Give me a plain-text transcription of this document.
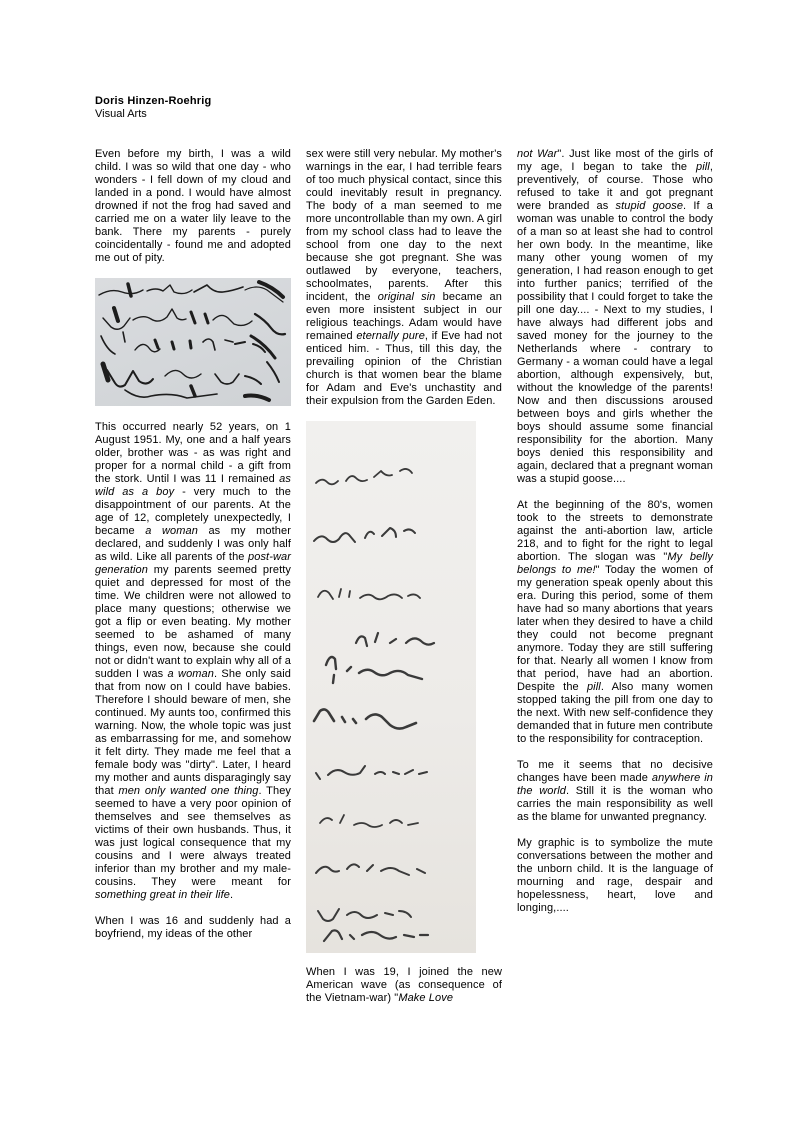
Doris Hinzen-Roehrig
Visual Arts

Even before my birth, I was a wild child. I was so wild that one day - who wonders - I fell down of my cloud and landed in a pond. I would have almost drowned if not the frog had saved and carried me on a water lily leave to the bank. There my parents - purely coincidentally - found me and adopted me out of pity.

This occurred nearly 52 years, on 1 August 1951. My, one and a half years older, brother was - as was right and proper for a normal child - a gift from the stork. Until I was 11 I remained as wild as a boy - very much to the disappointment of our parents. At the age of 12, completely unexpectedly, I became a woman as my mother declared, and suddenly I was only half as wild. Like all parents of the post-war generation my parents seemed pretty quiet and depressed for most of the time. We children were not allowed to place many questions; otherwise we got a flip or even beating. My mother seemed to be ashamed of many things, even now, because she could not or didn't want to explain why all of a sudden I was a woman. She only said that from now on I could have babies. Therefore I should beware of men, she continued. My aunts too, confirmed this warning. Now, the whole topic was just as embarrassing for me, and somehow it felt dirty. They made me feel that a female body was "dirty". Later, I heard my mother and aunts disparagingly say that men only wanted one thing. They seemed to have a very poor opinion of themselves and see themselves as victims of their own husbands. Thus, it was just logical consequence that my cousins and I were always treated inferior than my brother and my male-cousins. They were meant for something great in their life.

When I was 16 and suddenly had a boyfriend, my ideas of the other

sex were still very nebular. My mother's warnings in the ear, I had terrible fears of too much physical contact, since this could inevitably result in pregnancy. The body of a man seemed to me more uncontrollable than my own. A girl from my school class had to leave the school from one day to the next because she got pregnant. She was outlawed by everyone, teachers, schoolmates, parents. After this incident, the original sin became an even more insistent subject in our religious teachings. Adam would have remained eternally pure, if Eve had not enticed him. - Thus, till this day, the prevailing opinion of the Christian church is that women bear the blame for Adam and Eve's unchastity and their expulsion from the Garden Eden.

When I was 19, I joined the new American wave (as consequence of the Vietnam-war) "Make Love

not War". Just like most of the girls of my age, I began to take the pill, preventively, of course. Those who refused to take it and got pregnant were branded as stupid goose. If a woman was unable to control the body of a man so at least she had to control her own body. In the meantime, like many other young women of my generation, I had reason enough to get into further panics; terrified of the possibility that I could forget to take the pill one day.... - Next to my studies, I have always had different jobs and saved money for the journey to the Netherlands where - contrary to Germany - a woman could have a legal abortion, although expensively, but, without the knowledge of the parents! Now and then discussions aroused between boys and girls whether the boys should assume some financial responsibility for the abortion. Many boys denied this responsibility and again, declared that a pregnant woman was a stupid goose....

At the beginning of the 80's, women took to the streets to demonstrate against the anti-abortion law, article 218, and to fight for the right to legal abortion. The slogan was "My belly belongs to me!" Today the women of my generation speak openly about this era. During this period, some of them have had so many abortions that years later when they desired to have a child they could not become pregnant anymore. Today they are still suffering for that. Nearly all women I know from that period, have had an abortion. Despite the pill. Also many women stopped taking the pill from one day to the next. With new self-confidence they demanded that in future men contribute to the responsibility for contraception.

To me it seems that no decisive changes have been made anywhere in the world. Still it is the woman who carries the main responsibility as well as the blame for unwanted pregnancy.

My graphic is to symbolize the mute conversations between the mother and the unborn child. It is the language of mourning and rage, despair and hopelessness, heart, love and longing,....
